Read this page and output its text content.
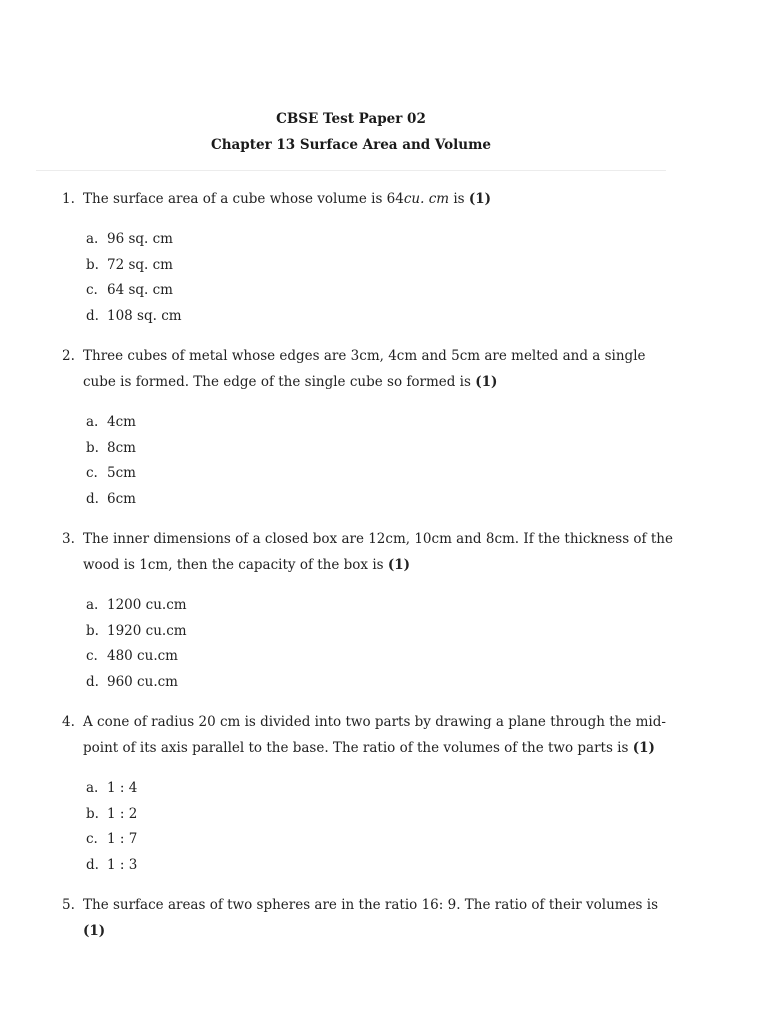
CBSE Test Paper 02
Chapter 13 Surface Area and Volume
1. The surface area of a cube whose volume is 64cu. cm is (1)
a. 96 sq. cm
b. 72 sq. cm
c. 64 sq. cm
d. 108 sq. cm
2. Three cubes of metal whose edges are 3cm, 4cm and 5cm are melted and a single cube is formed. The edge of the single cube so formed is (1)
a. 4cm
b. 8cm
c. 5cm
d. 6cm
3. The inner dimensions of a closed box are 12cm, 10cm and 8cm. If the thickness of the wood is 1cm, then the capacity of the box is (1)
a. 1200 cu.cm
b. 1920 cu.cm
c. 480 cu.cm
d. 960 cu.cm
4. A cone of radius 20 cm is divided into two parts by drawing a plane through the mid-point of its axis parallel to the base. The ratio of the volumes of the two parts is (1)
a. 1 : 4
b. 1 : 2
c. 1 : 7
d. 1 : 3
5. The surface areas of two spheres are in the ratio 16: 9. The ratio of their volumes is (1)
